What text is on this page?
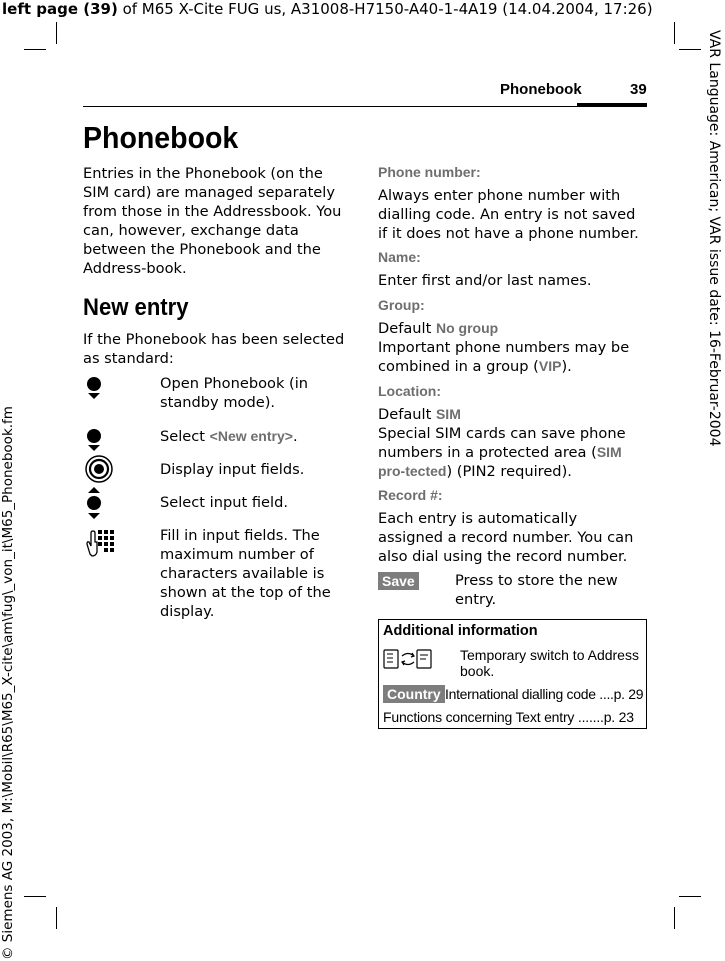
left page (39) of M65 X-Cite FUG us, A31008-H7150-A40-1-4A19 (14.04.2004, 17:26)
VAR Language: American; VAR issue date: 16-Februar-2004
© Siemens AG 2003, M:\Mobil\R65\M65_X-cite\am\fug\_von_it\M65_Phonebook.fm
Phonebook	39
Phonebook
Entries in the Phonebook (on the SIM card) are managed separately from those in the Addressbook. You can, however, exchange data between the Phonebook and the Address-book.
New entry
If the Phonebook has been selected as standard:
Open Phonebook (in standby mode).
Select <New entry>.
Display input fields.
Select input field.
Fill in input fields. The maximum number of characters available is shown at the top of the display.
Phone number:
Always enter phone number with dialling code. An entry is not saved if it does not have a phone number.
Name:
Enter first and/or last names.
Group:
Default No group
Important phone numbers may be combined in a group (VIP).
Location:
Default SIM
Special SIM cards can save phone numbers in a protected area (SIM pro-tected) (PIN2 required).
Record #:
Each entry is automatically assigned a record number. You can also dial using the record number.
Save	Press to store the new entry.
Additional information
Temporary switch to Address book.
Country International dialling code ....p. 29
Functions concerning Text entry .......p. 23
